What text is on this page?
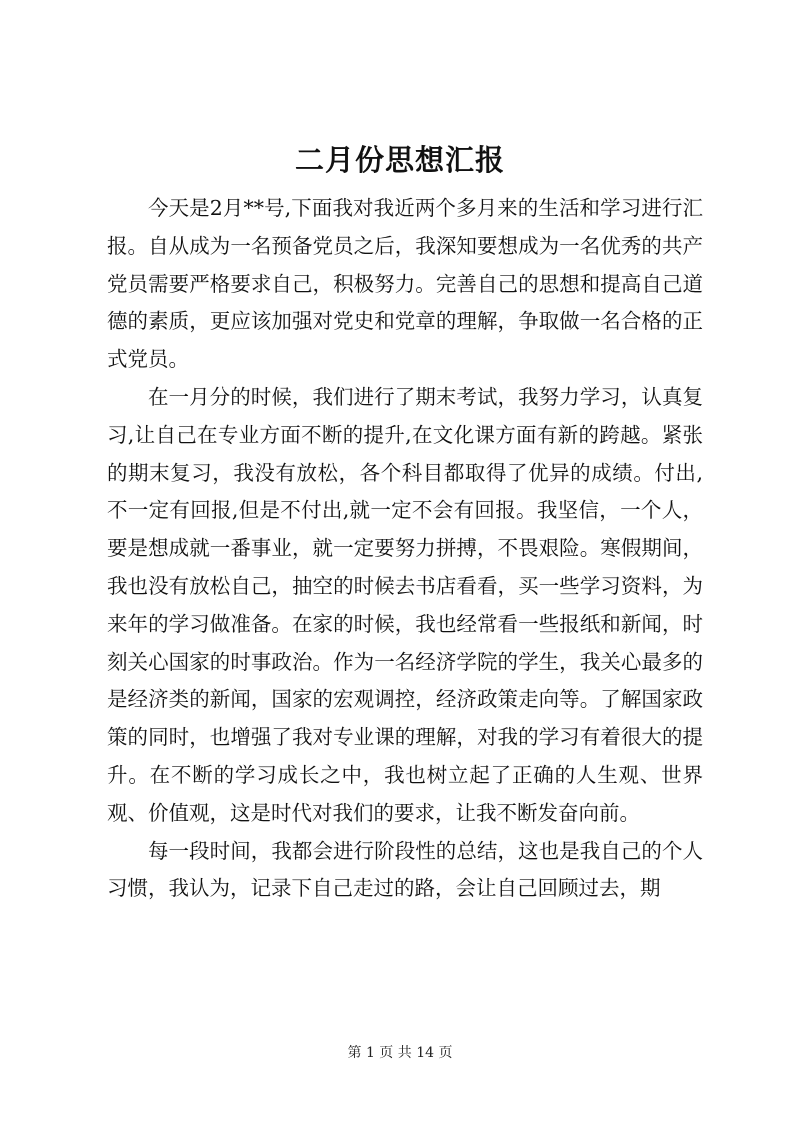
二月份思想汇报

今天是2月**号,下面我对我近两个多月来的生活和学习进行汇报。自从成为一名预备党员之后，我深知要想成为一名优秀的共产党员需要严格要求自己，积极努力。完善自己的思想和提高自己道德的素质，更应该加强对党史和党章的理解，争取做一名合格的正式党员。

在一月分的时候，我们进行了期末考试，我努力学习，认真复习,让自己在专业方面不断的提升,在文化课方面有新的跨越。紧张的期末复习，我没有放松，各个科目都取得了优异的成绩。付出,不一定有回报,但是不付出,就一定不会有回报。我坚信，一个人，要是想成就一番事业，就一定要努力拼搏，不畏艰险。寒假期间，我也没有放松自己，抽空的时候去书店看看，买一些学习资料，为来年的学习做准备。在家的时候，我也经常看一些报纸和新闻，时刻关心国家的时事政治。作为一名经济学院的学生，我关心最多的是经济类的新闻，国家的宏观调控，经济政策走向等。了解国家政策的同时，也增强了我对专业课的理解，对我的学习有着很大的提升。在不断的学习成长之中，我也树立起了正确的人生观、世界观、价值观，这是时代对我们的要求，让我不断发奋向前。

每一段时间，我都会进行阶段性的总结，这也是我自己的个人习惯，我认为，记录下自己走过的路，会让自己回顾过去，期

第 1 页 共 14 页
